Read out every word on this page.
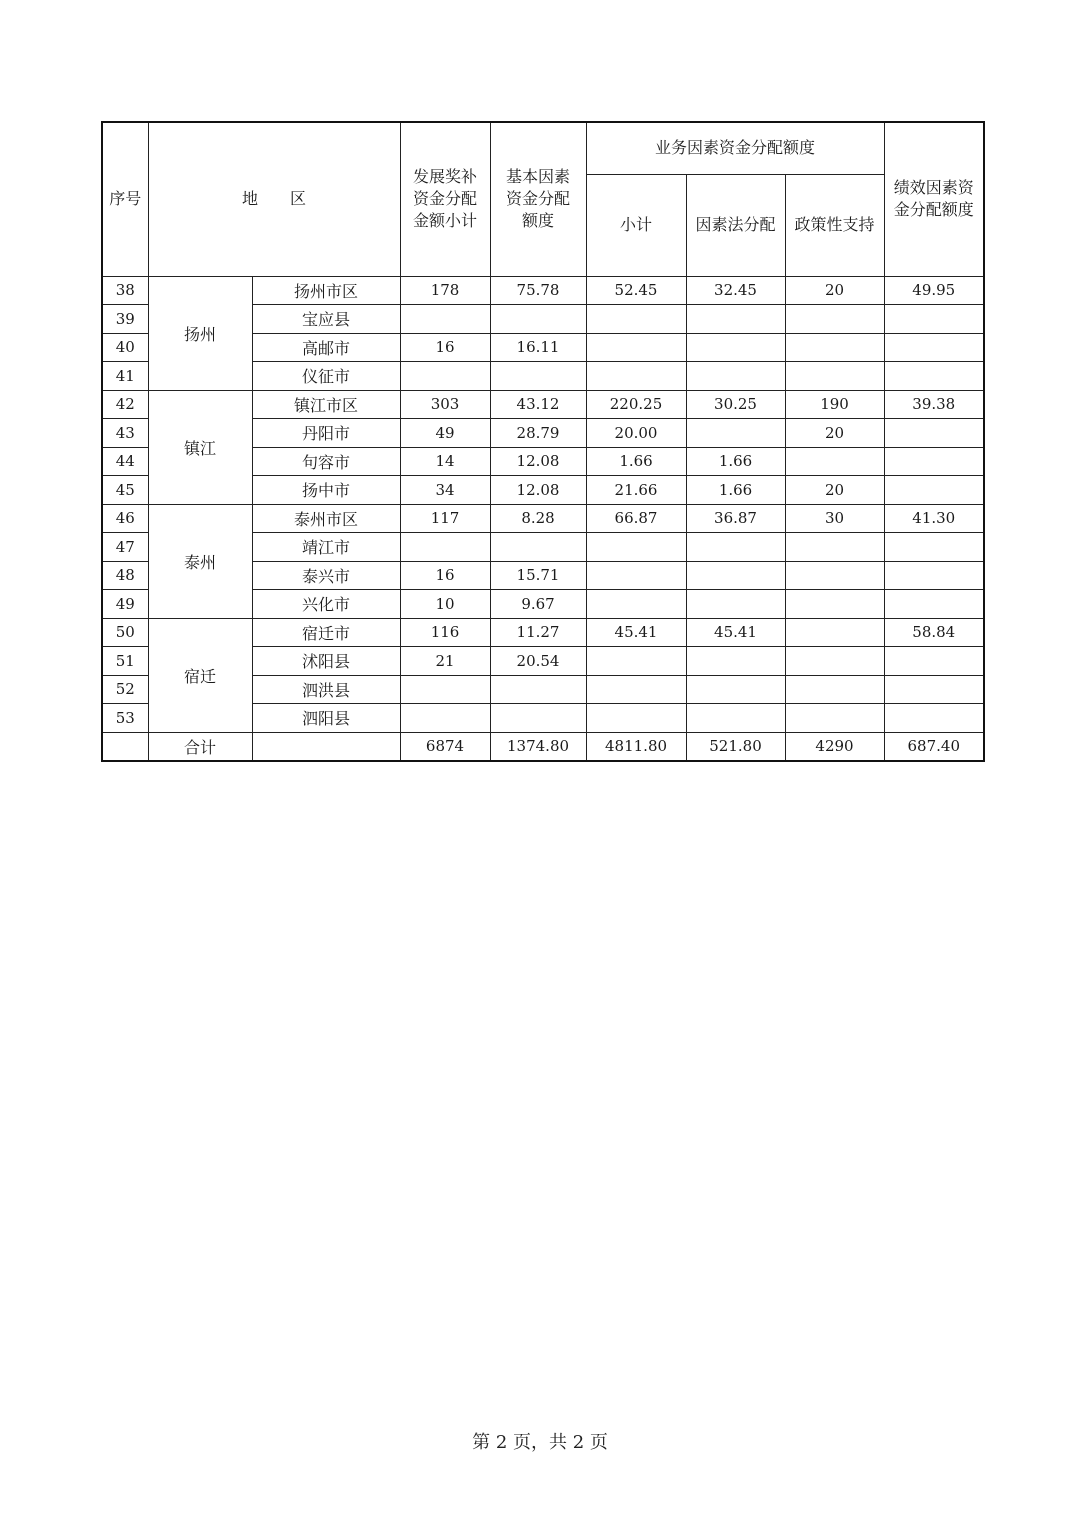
序号	地　　区		发展奖补资金分配金额小计	基本因素资金分配额度	业务因素资金分配额度			绩效因素资金分配额度
					小计	因素法分配	政策性支持	
38	扬州	扬州市区	178	75.78	52.45	32.45	20	49.95
39		宝应县						
40		高邮市	16	16.11				
41		仪征市						
42	镇江	镇江市区	303	43.12	220.25	30.25	190	39.38
43		丹阳市	49	28.79	20.00		20	
44		句容市	14	12.08	1.66	1.66		
45		扬中市	34	12.08	21.66	1.66	20	
46	泰州	泰州市区	117	8.28	66.87	36.87	30	41.30
47		靖江市						
48		泰兴市	16	15.71				
49		兴化市	10	9.67				
50	宿迁	宿迁市	116	11.27	45.41	45.41		58.84
51		沭阳县	21	20.54				
52		泗洪县						
53		泗阳县						
	合计		6874	1374.80	4811.80	521.80	4290	687.40
第 2 页，共 2 页
